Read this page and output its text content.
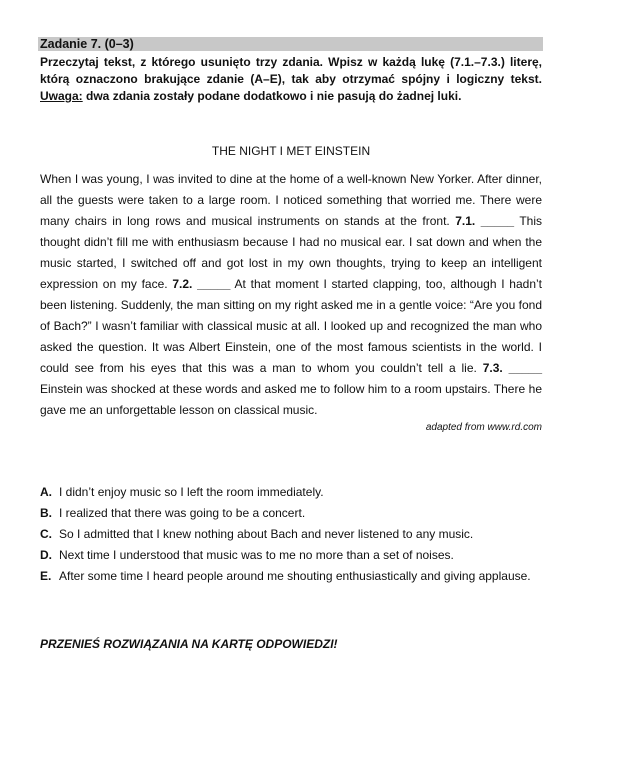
Zadanie 7. (0–3)
Przeczytaj tekst, z którego usunięto trzy zdania. Wpisz w każdą lukę (7.1.–7.3.) literę, którą oznaczono brakujące zdanie (A–E), tak aby otrzymać spójny i logiczny tekst. Uwaga: dwa zdania zostały podane dodatkowo i nie pasują do żadnej luki.
THE NIGHT I MET EINSTEIN
When I was young, I was invited to dine at the home of a well-known New Yorker. After dinner, all the guests were taken to a large room. I noticed something that worried me. There were many chairs in long rows and musical instruments on stands at the front. 7.1. _____ This thought didn’t fill me with enthusiasm because I had no musical ear. I sat down and when the music started, I switched off and got lost in my own thoughts, trying to keep an intelligent expression on my face. 7.2. _____ At that moment I started clapping, too, although I hadn’t been listening. Suddenly, the man sitting on my right asked me in a gentle voice: “Are you fond of Bach?” I wasn’t familiar with classical music at all. I looked up and recognized the man who asked the question. It was Albert Einstein, one of the most famous scientists in the world. I could see from his eyes that this was a man to whom you couldn’t tell a lie. 7.3. _____ Einstein was shocked at these words and asked me to follow him to a room upstairs. There he gave me an unforgettable lesson on classical music.
adapted from www.rd.com
A. I didn’t enjoy music so I left the room immediately.
B. I realized that there was going to be a concert.
C. So I admitted that I knew nothing about Bach and never listened to any music.
D. Next time I understood that music was to me no more than a set of noises.
E. After some time I heard people around me shouting enthusiastically and giving applause.
PRZENIEŚ ROZWIĄZANIA NA KARTĘ ODPOWIEDZI!
